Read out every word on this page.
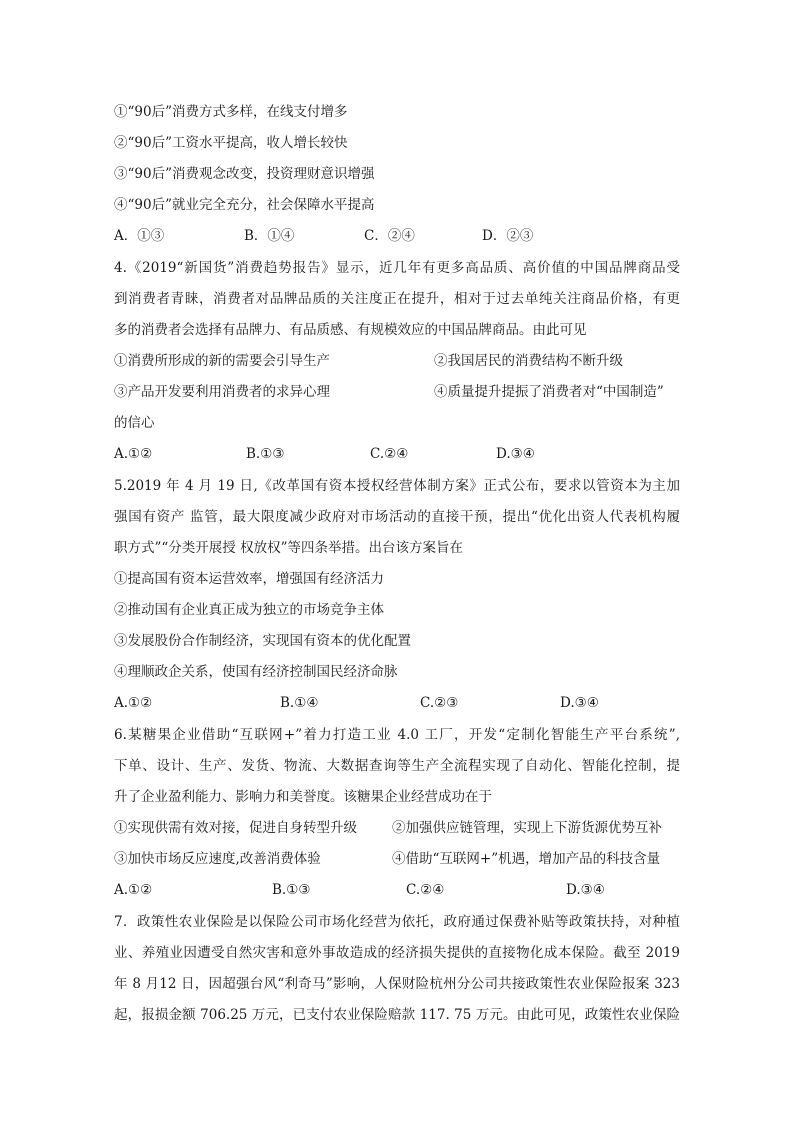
①“90后”消费方式多样，在线支付增多
②“90后”工资水平提高，收人增长较快
③“90后”消费观念改变，投资理财意识增强
④“90后”就业完全充分，社会保障水平提高
A．①③	B．①④	C．②④	D．②③
4.《2019“新国货”消费趋势报告》显示，近几年有更多高品质、高价值的中国品牌商品受
到消费者青睐，消费者对品牌品质的关注度正在提升，相对于过去单纯关注商品价格，有更
多的消费者会选择有品牌力、有品质感、有规模效应的中国品牌商品。由此可见
①消费所形成的新的需要会引导生产	②我国居民的消费结构不断升级
③产品开发要利用消费者的求异心理	④质量提升提振了消费者对“中国制造”
的信心
A.①②	B.①③	C.②④	D.③④
5.2019 年 4 月 19 日,《改革国有资本授权经营体制方案》正式公布，要求以管资本为主加
强国有资产 监管，最大限度减少政府对市场活动的直接干预，提出“优化出资人代表机构履
职方式”“分类开展授 权放权”等四条举措。出台该方案旨在
①提高国有资本运营效率，增强国有经济活力
②推动国有企业真正成为独立的市场竞争主体
③发展股份合作制经济，实现国有资本的优化配置
④理顺政企关系，使国有经济控制国民经济命脉
A.①②	B.①④	C.②③	D.③④
6.某糖果企业借助“互联网+”着力打造工业 4.0 工厂，开发“定制化智能生产平台系统”,
下单、设计、生产、发货、物流、大数据查询等生产全流程实现了自动化、智能化控制，提
升了企业盈利能力、影响力和美誉度。该糖果企业经营成功在于
①实现供需有效对接，促进自身转型升级	②加强供应链管理，实现上下游货源优势互补
③加快市场反应速度,改善消费体验	④借助“互联网+”机遇，增加产品的科技含量
A.①②	B.①③	C.②④	D.③④
7．政策性农业保险是以保险公司市场化经营为依托，政府通过保费补贴等政策扶持，对种植
业、养殖业因遭受自然灾害和意外事故造成的经济损失提供的直接物化成本保险。截至 2019
年 8 月12 日，因超强台风“利奇马”影响，人保财险杭州分公司共接政策性农业保险报案 323
起，报损金额 706.25 万元，已支付农业保险赔款 117. 75 万元。由此可见，政策性农业保险
